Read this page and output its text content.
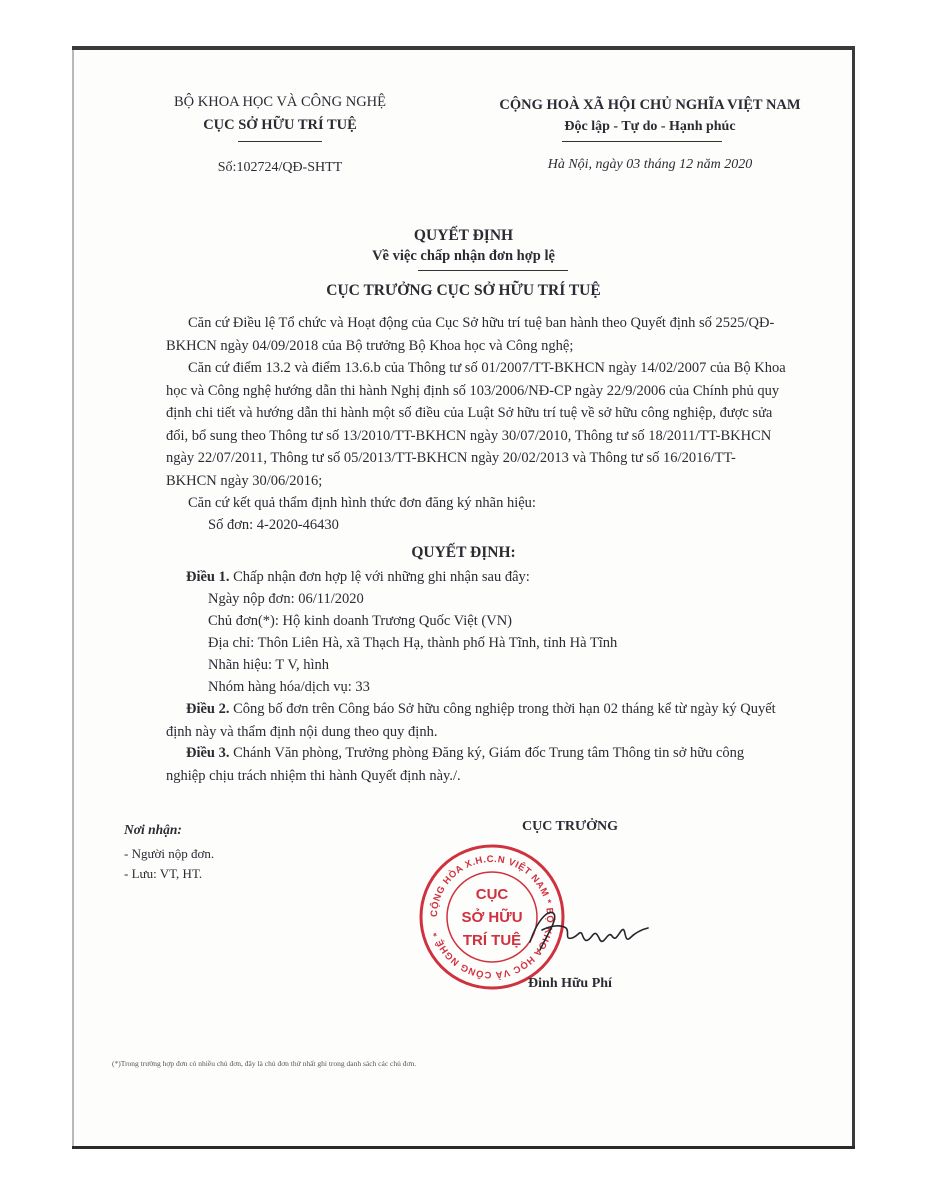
BỘ KHOA HỌC VÀ CÔNG NGHỆ
CỤC SỞ HỮU TRÍ TUỆ
Số:102724/QĐ-SHTT
CỘNG HOÀ XÃ HỘI CHỦ NGHĨA VIỆT NAM
Độc lập - Tự do - Hạnh phúc
Hà Nội, ngày 03 tháng 12 năm 2020
QUYẾT ĐỊNH
Về việc chấp nhận đơn hợp lệ
CỤC TRƯỞNG CỤC SỞ HỮU TRÍ TUỆ
Căn cứ Điều lệ Tổ chức và Hoạt động của Cục Sở hữu trí tuệ ban hành theo Quyết định số 2525/QĐ-BKHCN ngày 04/09/2018 của Bộ trưởng Bộ Khoa học và Công nghệ;
Căn cứ điểm 13.2 và điểm 13.6.b của Thông tư số 01/2007/TT-BKHCN ngày 14/02/2007 của Bộ Khoa học và Công nghệ hướng dẫn thi hành Nghị định số 103/2006/NĐ-CP ngày 22/9/2006 của Chính phủ quy định chi tiết và hướng dẫn thi hành một số điều của Luật Sở hữu trí tuệ về sở hữu công nghiệp, được sửa đổi, bổ sung theo Thông tư số 13/2010/TT-BKHCN ngày 30/07/2010, Thông tư số 18/2011/TT-BKHCN ngày 22/07/2011, Thông tư số 05/2013/TT-BKHCN ngày 20/02/2013 và Thông tư số 16/2016/TT-BKHCN ngày 30/06/2016;
Căn cứ kết quả thẩm định hình thức đơn đăng ký nhãn hiệu:
Số đơn: 4-2020-46430
QUYẾT ĐỊNH:
Điều 1. Chấp nhận đơn hợp lệ với những ghi nhận sau đây:
Ngày nộp đơn: 06/11/2020
Chủ đơn(*): Hộ kinh doanh Trương Quốc Việt (VN)
Địa chỉ: Thôn Liên Hà, xã Thạch Hạ, thành phố Hà Tĩnh, tỉnh Hà Tĩnh
Nhãn hiệu: T V, hình
Nhóm hàng hóa/dịch vụ: 33
Điều 2. Công bố đơn trên Công báo Sở hữu công nghiệp trong thời hạn 02 tháng kể từ ngày ký Quyết định này và thẩm định nội dung theo quy định.
Điều 3. Chánh Văn phòng, Trưởng phòng Đăng ký, Giám đốc Trung tâm Thông tin sở hữu công nghiệp chịu trách nhiệm thi hành Quyết định này./.
Nơi nhận:
- Người nộp đơn.
- Lưu: VT, HT.
CỤC TRƯỞNG
CỘNG HÒA X.H.C.N VIỆT NAM * BỘ KHOA HỌC VÀ CÔNG NGHỆ *
CỤC
SỞ HỮU
TRÍ TUỆ
Đinh Hữu Phí
(*)Trong trường hợp đơn có nhiều chủ đơn, đây là chủ đơn thứ nhất ghi trong danh sách các chủ đơn.
